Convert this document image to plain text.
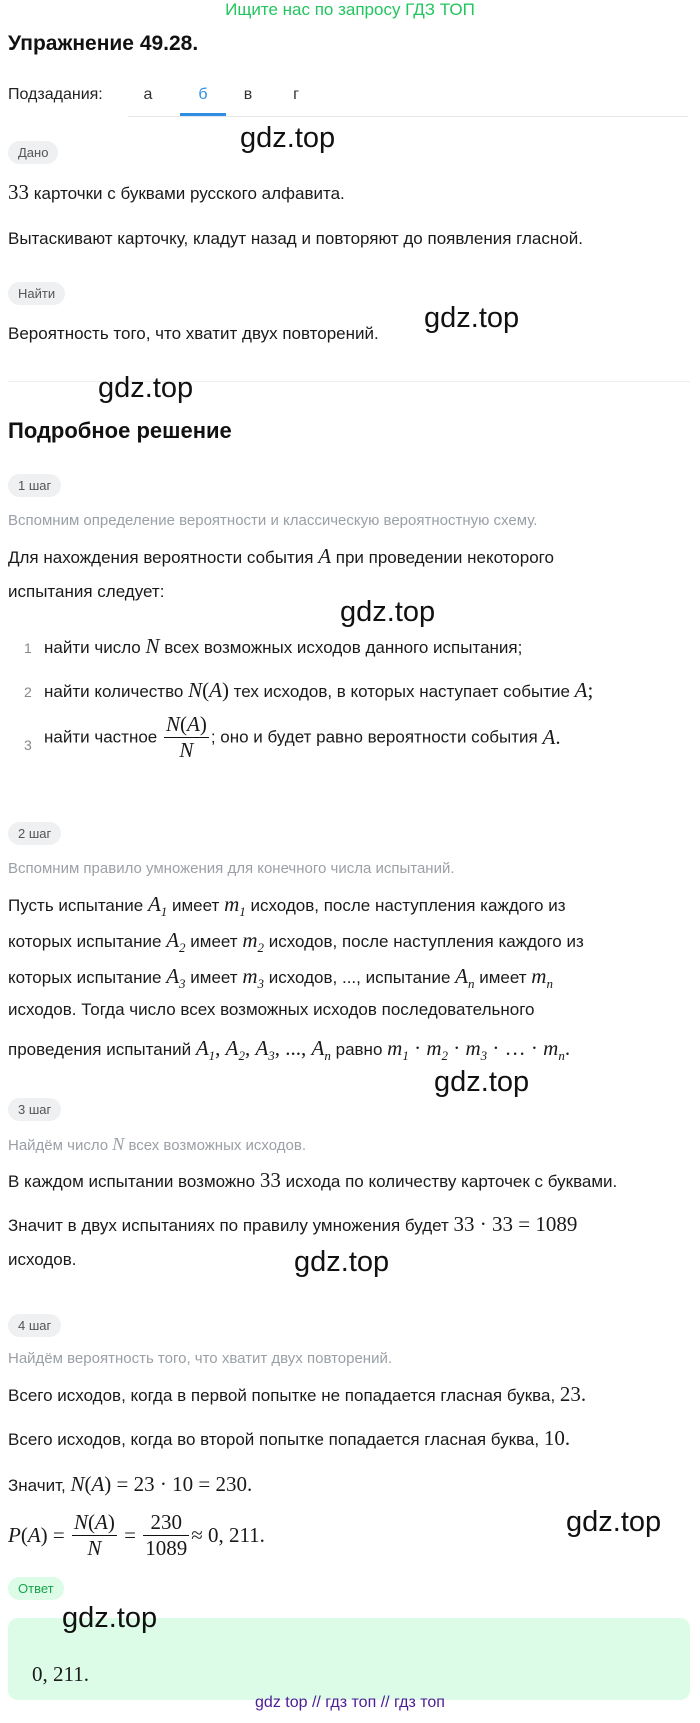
Ищите нас по запросу ГДЗ ТОП
Упражнение 49.28.
Подзадания:	а	б	в	г
Дано	gdz.top
33 карточки с буквами русского алфавита.
Вытаскивают карточку, кладут назад и повторяют до появления гласной.
Найти
Вероятность того, что хватит двух повторений. gdz.top
gdz.top
Подробное решение
1 шаг
Вспомним определение вероятности и классическую вероятностную схему.
Для нахождения вероятности события A при проведении некоторого
испытания следует:
gdz.top
1 найти число N всех возможных исходов данного испытания;
2 найти количество N(A) тех исходов, в которых наступает событие A;
3 найти частное $\frac{N(A)}{N}$ ; оно и будет равно вероятности события A.
2 шаг
Вспомним правило умножения для конечного числа испытаний.
Пусть испытание $A_1$ имеет $m_1$ исходов, после наступления каждого из
которых испытание $A_2$ имеет $m_2$ исходов, после наступления каждого из
которых испытание $A_3$ имеет $m_3$ исходов, ..., испытание $A_n$ имеет $m_n$
исходов. Тогда число всех возможных исходов последовательного
проведения испытаний $A_1$, $A_2$, $A_3$, ..., $A_n$ равно $m_1 \cdot m_2 \cdot m_3$ · … · $m_n$.
gdz.top
3 шаг
Найдём число N всех возможных исходов.
В каждом испытании возможно 33 исхода по количеству карточек с буквами.
Значит в двух испытаниях по правилу умножения будет 33 · 33 = 1089
исходов.	gdz.top
4 шаг
Найдём вероятность того, что хватит двух повторений.
Всего исходов, когда в первой попытке не попадается гласная буква, 23.
Всего исходов, когда во второй попытке попадается гласная буква, 10.
Значит, N(A) = 23 · 10 = 230.
$P(A) = \frac{N(A)}{N} = \frac{230}{1089} \approx 0$, 211.	gdz.top
Ответ
gdz.top
0, 211.
gdz top // гдз топ // гдз топ
